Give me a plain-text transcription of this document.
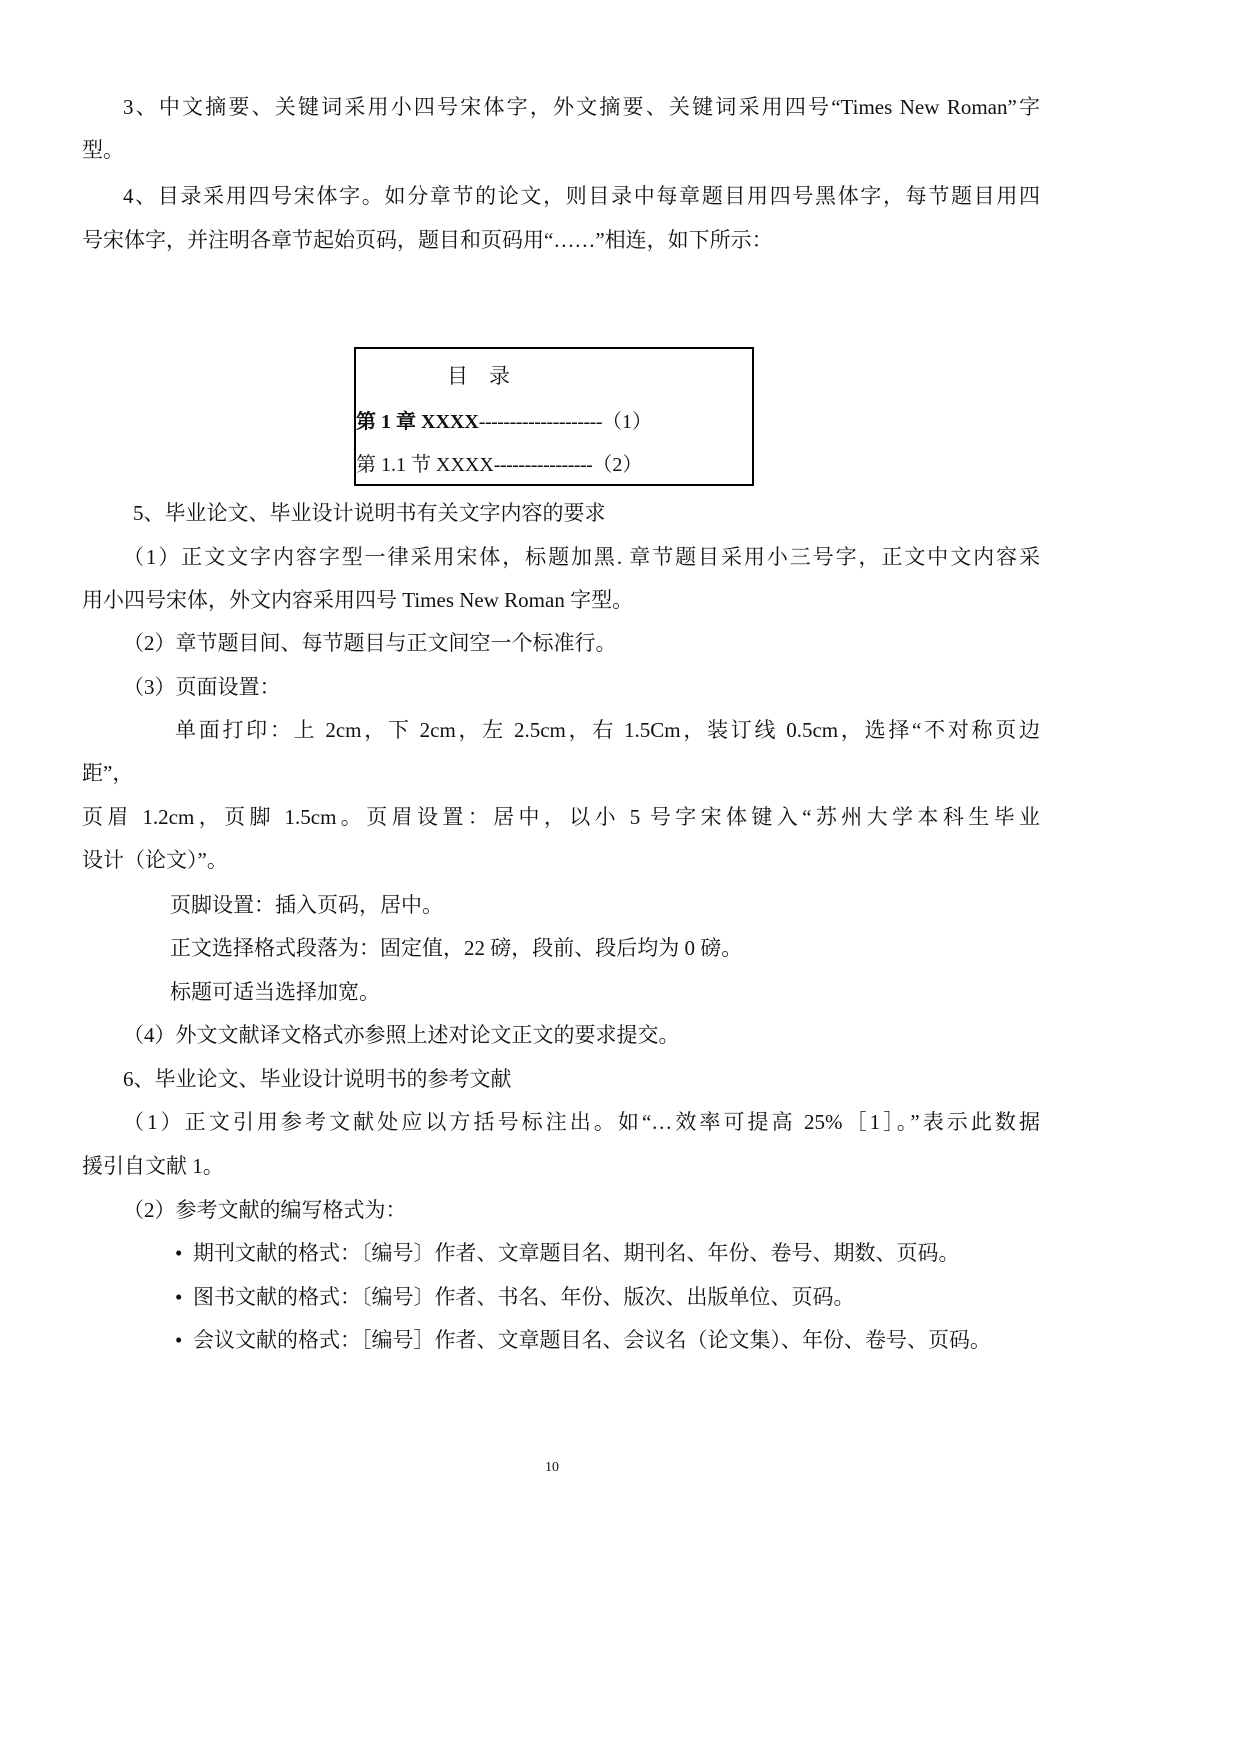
3、中文摘要、关键词采用小四号宋体字，外文摘要、关键词采用四号“Times New Roman”字
型。
4、目录采用四号宋体字。如分章节的论文，则目录中每章题目用四号黑体字，每节题目用四
号宋体字，并注明各章节起始页码，题目和页码用“……”相连，如下所示：
目　录
第 1 章 XXXX--------------------（1）
第 1.1 节 XXXX----------------（2）
5、毕业论文、毕业设计说明书有关文字内容的要求
（1）正文文字内容字型一律采用宋体，标题加黑. 章节题目采用小三号字，正文中文内容采
用小四号宋体，外文内容采用四号 Times New Roman 字型。
（2）章节题目间、每节题目与正文间空一个标准行。
（3）页面设置：
单面打印：上 2cm，下 2cm，左 2.5cm，右 1.5Cm，装订线 0.5cm，选择“不对称页边
距”，
页眉 1.2cm，页脚 1.5cm。页眉设置：居中，以小 5 号字宋体键入“苏州大学本科生毕业
设计（论文）”。
页脚设置：插入页码，居中。
正文选择格式段落为：固定值，22 磅，段前、段后均为 0 磅。
标题可适当选择加宽。
（4）外文文献译文格式亦参照上述对论文正文的要求提交。
6、毕业论文、毕业设计说明书的参考文献
（1）正文引用参考文献处应以方括号标注出。如“…效率可提高 25%［1］。”表示此数据
援引自文献 1。
（2）参考文献的编写格式为：
• 期刊文献的格式：〔编号〕作者、文章题目名、期刊名、年份、卷号、期数、页码。
• 图书文献的格式：〔编号〕作者、书名、年份、版次、出版单位、页码。
• 会议文献的格式：［编号］作者、文章题目名、会议名（论文集）、年份、卷号、页码。
10
